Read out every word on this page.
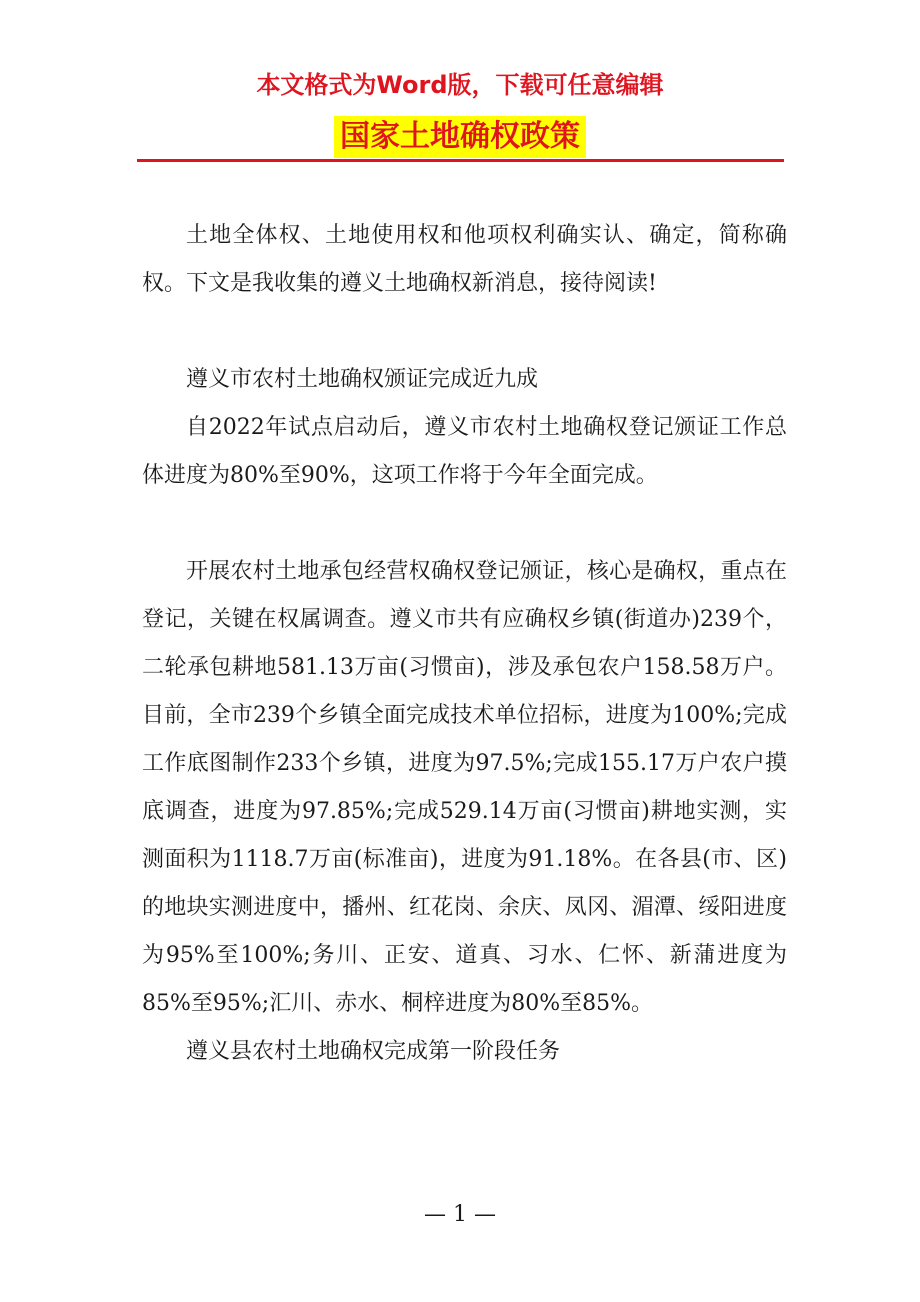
本文格式为Word版，下载可任意编辑
国家土地确权政策

土地全体权、土地使用权和他项权利确实认、确定，简称确权。下文是我收集的遵义土地确权新消息，接待阅读!

遵义市农村土地确权颁证完成近九成

自2022年试点启动后，遵义市农村土地确权登记颁证工作总体进度为80%至90%，这项工作将于今年全面完成。

开展农村土地承包经营权确权登记颁证，核心是确权，重点在登记，关键在权属调查。遵义市共有应确权乡镇(街道办)239个，二轮承包耕地581.13万亩(习惯亩)，涉及承包农户158.58万户。目前，全市239个乡镇全面完成技术单位招标，进度为100%;完成工作底图制作233个乡镇，进度为97.5%;完成155.17万户农户摸底调查，进度为97.85%;完成529.14万亩(习惯亩)耕地实测，实测面积为1118.7万亩(标准亩)，进度为91.18%。在各县(市、区)的地块实测进度中，播州、红花岗、余庆、凤冈、湄潭、绥阳进度为95%至100%;务川、正安、道真、习水、仁怀、新蒲进度为85%至95%;汇川、赤水、桐梓进度为80%至85%。

遵义县农村土地确权完成第一阶段任务

— 1 —
